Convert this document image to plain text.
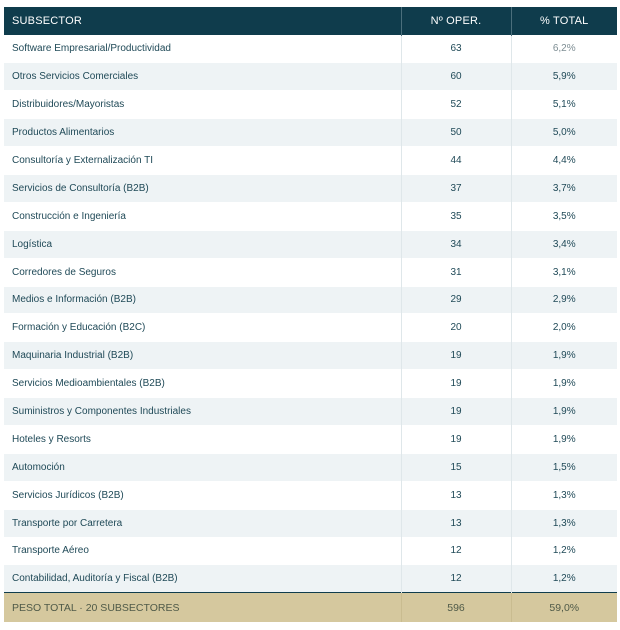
SUBSECTOR	Nº OPER.	% TOTAL
Software Empresarial/Productividad	63	6,2%
Otros Servicios Comerciales	60	5,9%
Distribuidores/Mayoristas	52	5,1%
Productos Alimentarios	50	5,0%
Consultoría y Externalización TI	44	4,4%
Servicios de Consultoría (B2B)	37	3,7%
Construcción e Ingeniería	35	3,5%
Logística	34	3,4%
Corredores de Seguros	31	3,1%
Medios e Información (B2B)	29	2,9%
Formación y Educación (B2C)	20	2,0%
Maquinaria Industrial (B2B)	19	1,9%
Servicios Medioambientales (B2B)	19	1,9%
Suministros y Componentes Industriales	19	1,9%
Hoteles y Resorts	19	1,9%
Automoción	15	1,5%
Servicios Jurídicos (B2B)	13	1,3%
Transporte por Carretera	13	1,3%
Transporte Aéreo	12	1,2%
Contabilidad, Auditoría y Fiscal (B2B)	12	1,2%
PESO TOTAL · 20 SUBSECTORES	596	59,0%
